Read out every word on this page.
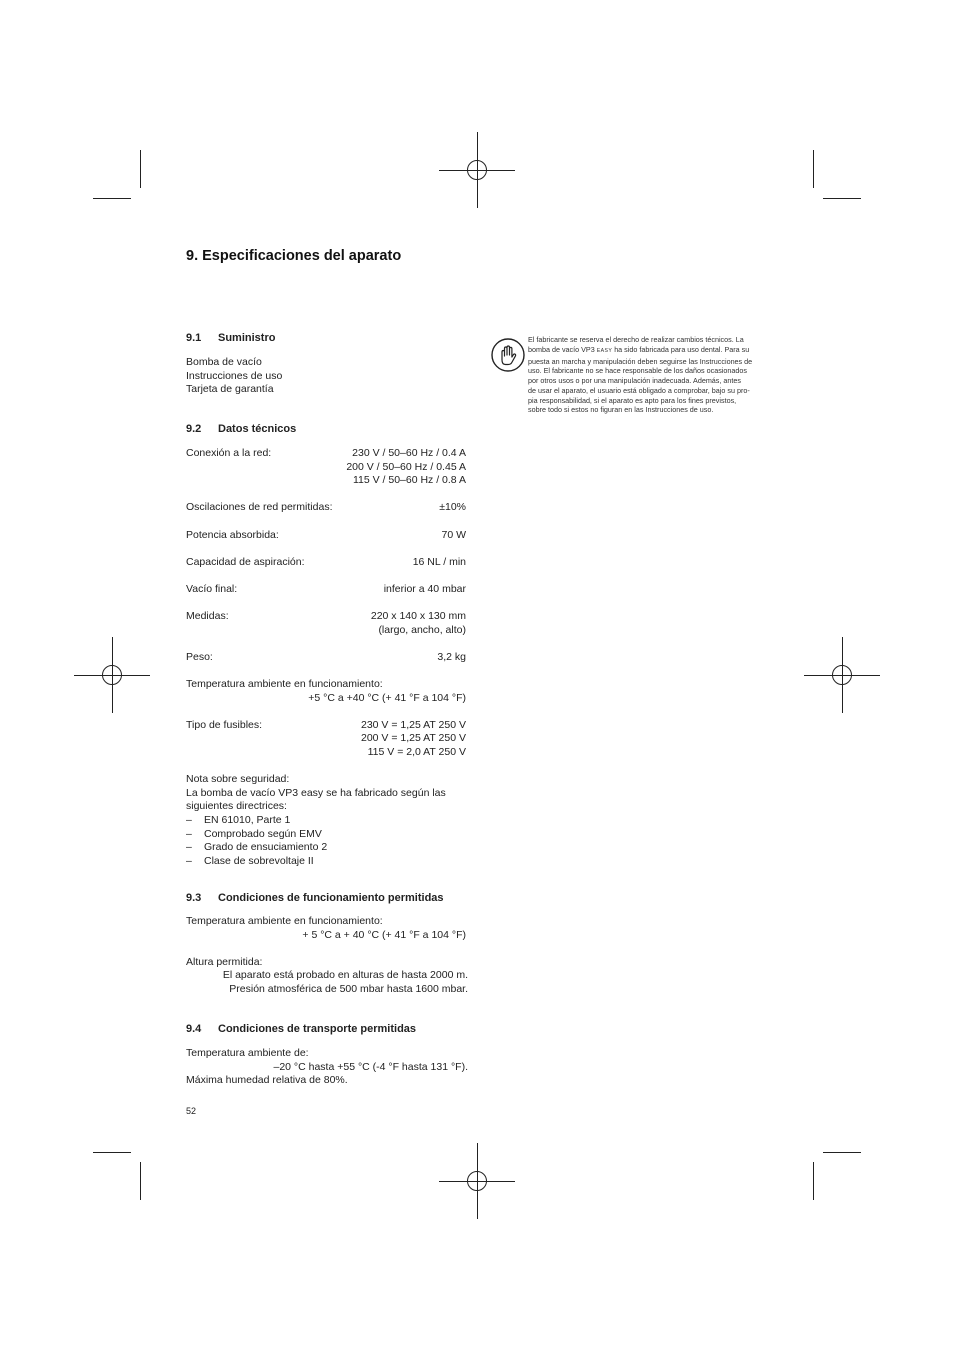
9. Especificaciones del aparato
9.1 Suministro

Bomba de vacío

Instrucciones de uso

Tarjeta de garantía

9.2 Datos técnicos
Conexión a la red:	230 V / 50–60 Hz / 0.4 A
200 V / 50–60 Hz / 0.45 A
115 V / 50–60 Hz / 0.8 A
Oscilaciones de red permitidas:	±10%
Potencia absorbida:	70 W
Capacidad de aspiración:	16 NL / min
Vacío final:	inferior a 40 mbar
Medidas:	220 x 140 x 130 mm
(largo, ancho, alto)
Peso:	3,2 kg

Temperatura ambiente en funcionamiento:

+5 °C a +40 °C (+ 41 °F a 104 °F)

Tipo de fusibles:	230 V = 1,25 AT 250 V
200 V = 1,25 AT 250 V
115 V = 2,0 AT 250 V

Nota sobre seguridad:

La bomba de vacío VP3 easy se ha fabricado según las

siguientes directrices:

–	EN 61010, Parte 1
–	Comprobado según EMV
–	Grado de ensuciamiento 2
–	Clase de sobrevoltaje II
9.3 Condiciones de funcionamiento permitidas

Temperatura ambiente en funcionamiento:

+ 5 °C a + 40 °C (+ 41 °F a 104 °F)

Altura permitida:

El aparato está probado en alturas de hasta 2000 m.

Presión atmosférica de 500 mbar hasta 1600 mbar.

9.4 Condiciones de transporte permitidas

Temperatura ambiente de:

–20 °C hasta +55 °C (-4 °F hasta 131 °F).

Máxima humedad relativa de 80%.

El fabricante se reserva el derecho de realizar cambios técnicos. La
bomba de vacío VP3 EASY ha sido fabricada para uso dental. Para su
puesta an marcha y manipulación deben seguirse las Instrucciones de
uso. El fabricante no se hace responsable de los daños ocasionados
por otros usos o por una manipulación inadecuada. Además, antes
de usar el aparato, el usuario está obligado a comprobar, bajo su pro-
pia responsabilidad, si el aparato es apto para los fines previstos,
sobre todo si estos no figuran en las Instrucciones de uso.
52
